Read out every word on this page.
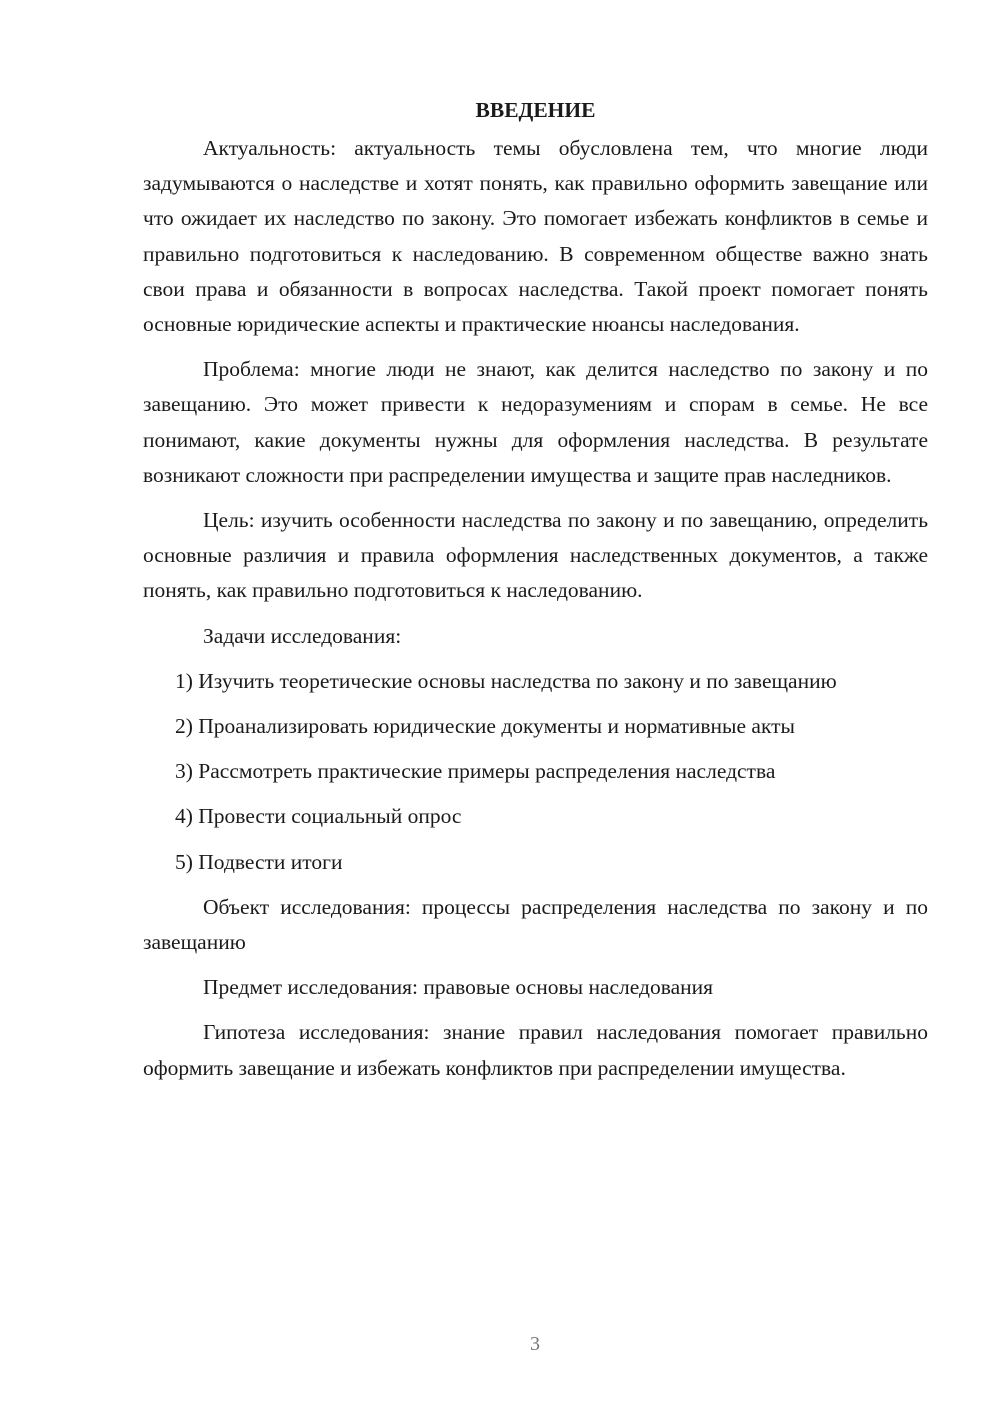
ВВЕДЕНИЕ

Актуальность: актуальность темы обусловлена тем, что многие люди задумываются о наследстве и хотят понять, как правильно оформить завещание или что ожидает их наследство по закону. Это помогает избежать конфликтов в семье и правильно подготовиться к наследованию. В современном обществе важно знать свои права и обязанности в вопросах наследства. Такой проект помогает понять основные юридические аспекты и практические нюансы наследования.

Проблема: многие люди не знают, как делится наследство по закону и по завещанию. Это может привести к недоразумениям и спорам в семье. Не все понимают, какие документы нужны для оформления наследства. В результате возникают сложности при распределении имущества и защите прав наследников.

Цель: изучить особенности наследства по закону и по завещанию, определить основные различия и правила оформления наследственных документов, а также понять, как правильно подготовиться к наследованию.

Задачи исследования:

1) Изучить теоретические основы наследства по закону и по завещанию

2) Проанализировать юридические документы и нормативные акты

3) Рассмотреть практические примеры распределения наследства

4) Провести социальный опрос

5) Подвести итоги

Объект исследования: процессы распределения наследства по закону и по завещанию

Предмет исследования: правовые основы наследования

Гипотеза исследования: знание правил наследования помогает правильно оформить завещание и избежать конфликтов при распределении имущества.

3
